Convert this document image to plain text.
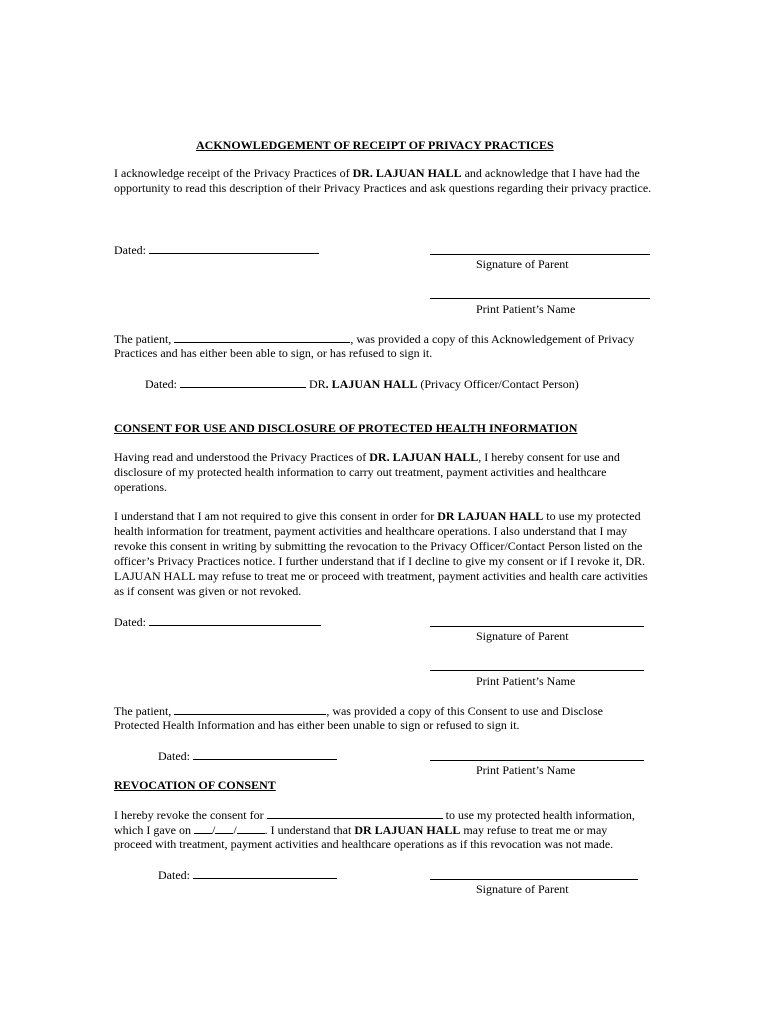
ACKNOWLEDGEMENT OF RECEIPT OF PRIVACY PRACTICES
I acknowledge receipt of the Privacy Practices of DR. LAJUAN HALL and acknowledge that I have had the opportunity to read this description of their Privacy Practices and ask questions regarding their privacy practice.
Dated:
Signature of Parent
Print Patient’s Name
The patient,	, was provided a copy of this Acknowledgement of Privacy
Practices and has either been able to sign, or has refused to sign it.
Dated:	DR. LAJUAN HALL (Privacy Officer/Contact Person)
CONSENT FOR USE AND DISCLOSURE OF PROTECTED HEALTH INFORMATION
Having read and understood the Privacy Practices of DR. LAJUAN HALL, I hereby consent for use and disclosure of my protected health information to carry out treatment, payment activities and healthcare operations.
I understand that I am not required to give this consent in order for DR LAJUAN HALL to use my protected health information for treatment, payment activities and healthcare operations. I also understand that I may revoke this consent in writing by submitting the revocation to the Privacy Officer/Contact Person listed on the officer’s Privacy Practices notice. I further understand that if I decline to give my consent or if I revoke it, DR. LAJUAN HALL may refuse to treat me or proceed with treatment, payment activities and health care activities as if consent was given or not revoked.
Dated:
Signature of Parent
Print Patient’s Name
The patient,	, was provided a copy of this Consent to use and Disclose
Protected Health Information and has either been unable to sign or refused to sign it.
Dated:
Print Patient’s Name
REVOCATION OF CONSENT
I hereby revoke the consent for	to use my protected health information,
which I gave on / / . I understand that DR LAJUAN HALL may refuse to treat me or may
proceed with treatment, payment activities and healthcare operations as if this revocation was not made.
Dated:
Signature of Parent
